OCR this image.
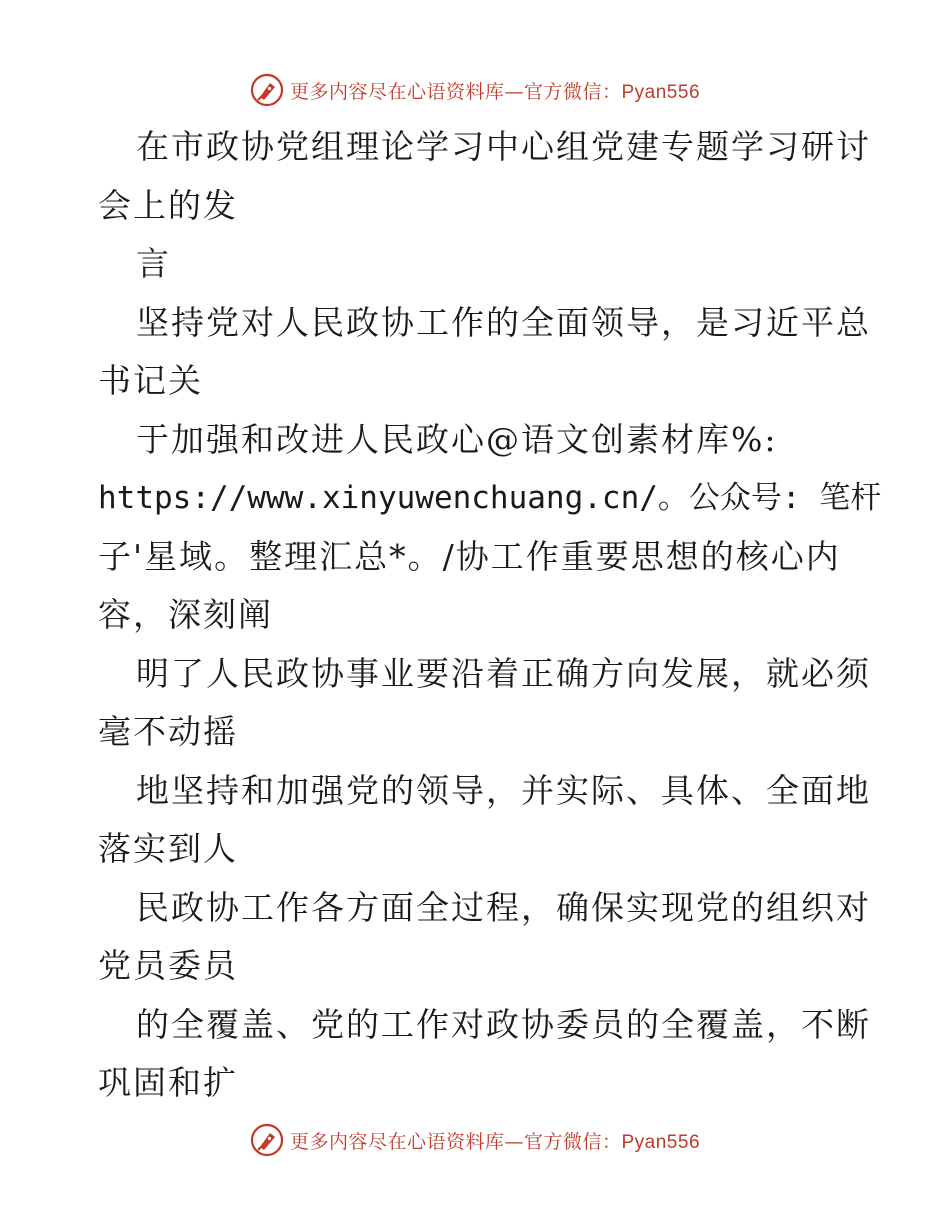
更多内容尽在心语资料库—官方微信：Pyan556
在市政协党组理论学习中心组党建专题学习研讨
会上的发
言
坚持党对人民政协工作的全面领导，是习近平总
书记关
于加强和改进人民政心@语文创素材库%:
https://www.xinyuwenchuang.cn/。公众号: 笔杆
子'星域。整理汇总*。/协工作重要思想的核心内
容，深刻阐
明了人民政协事业要沿着正确方向发展，就必须
毫不动摇
地坚持和加强党的领导，并实际、具体、全面地
落实到人
民政协工作各方面全过程，确保实现党的组织对
党员委员
的全覆盖、党的工作对政协委员的全覆盖，不断
巩固和扩
更多内容尽在心语资料库—官方微信：Pyan556
